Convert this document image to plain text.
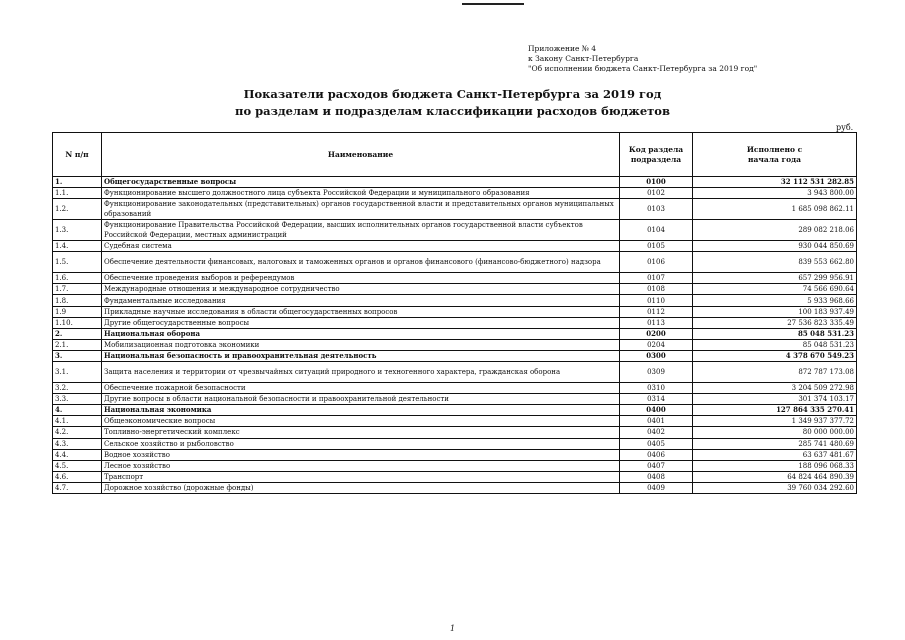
Приложение № 4
к Закону Санкт-Петербурга
"Об исполнении бюджета Санкт-Петербурга за 2019 год"
Показатели расходов бюджета Санкт-Петербурга за 2019 год
по разделам и подразделам классификации расходов бюджетов
руб.
N п/п	Наименование	Код раздела подраздела	Исполнено с начала года
1.	Общегосударственные вопросы	0100	32 112 531 282.85
1.1.	Функционирование высшего должностного лица субъекта Российской Федерации и муниципального образования	0102	3 943 800.00
1.2.	Функционирование законодательных (представительных) органов государственной власти и представительных органов муниципальных образований	0103	1 685 098 862.11
1.3.	Функционирование Правительства Российской Федерации, высших исполнительных органов государственной власти субъектов Российской Федерации, местных администраций	0104	289 082 218.06
1.4.	Судебная система	0105	930 044 850.69
1.5.	Обеспечение деятельности финансовых, налоговых и таможенных органов и органов финансового (финансово-бюджетного) надзора	0106	839 553 662.80
1.6.	Обеспечение проведения выборов и референдумов	0107	657 299 956.91
1.7.	Международные отношения и международное сотрудничество	0108	74 566 690.64
1.8.	Фундаментальные исследования	0110	5 933 968.66
1.9	Прикладные научные исследования в области общегосударственных вопросов	0112	100 183 937.49
1.10.	Другие общегосударственные вопросы	0113	27 536 823 335.49
2.	Национальная оборона	0200	85 048 531.23
2.1.	Мобилизационная подготовка экономики	0204	85 048 531.23
3.	Национальная безопасность и правоохранительная деятельность	0300	4 378 670 549.23
3.1.	Защита населения и территории от чрезвычайных ситуаций природного и техногенного характера, гражданская оборона	0309	872 787 173.08
3.2.	Обеспечение пожарной безопасности	0310	3 204 509 272.98
3.3.	Другие вопросы в области национальной безопасности и правоохранительной деятельности	0314	301 374 103.17
4.	Национальная экономика	0400	127 864 335 270.41
4.1.	Общеэкономические вопросы	0401	1 349 937 377.72
4.2.	Топливно-энергетический комплекс	0402	80 000 000.00
4.3.	Сельское хозяйство и рыболовство	0405	285 741 480.69
4.4.	Водное хозяйство	0406	63 637 481.67
4.5.	Лесное хозяйство	0407	188 096 068.33
4.6.	Транспорт	0408	64 824 464 890.39
4.7.	Дорожное хозяйство (дорожные фонды)	0409	39 760 034 292.60
1
